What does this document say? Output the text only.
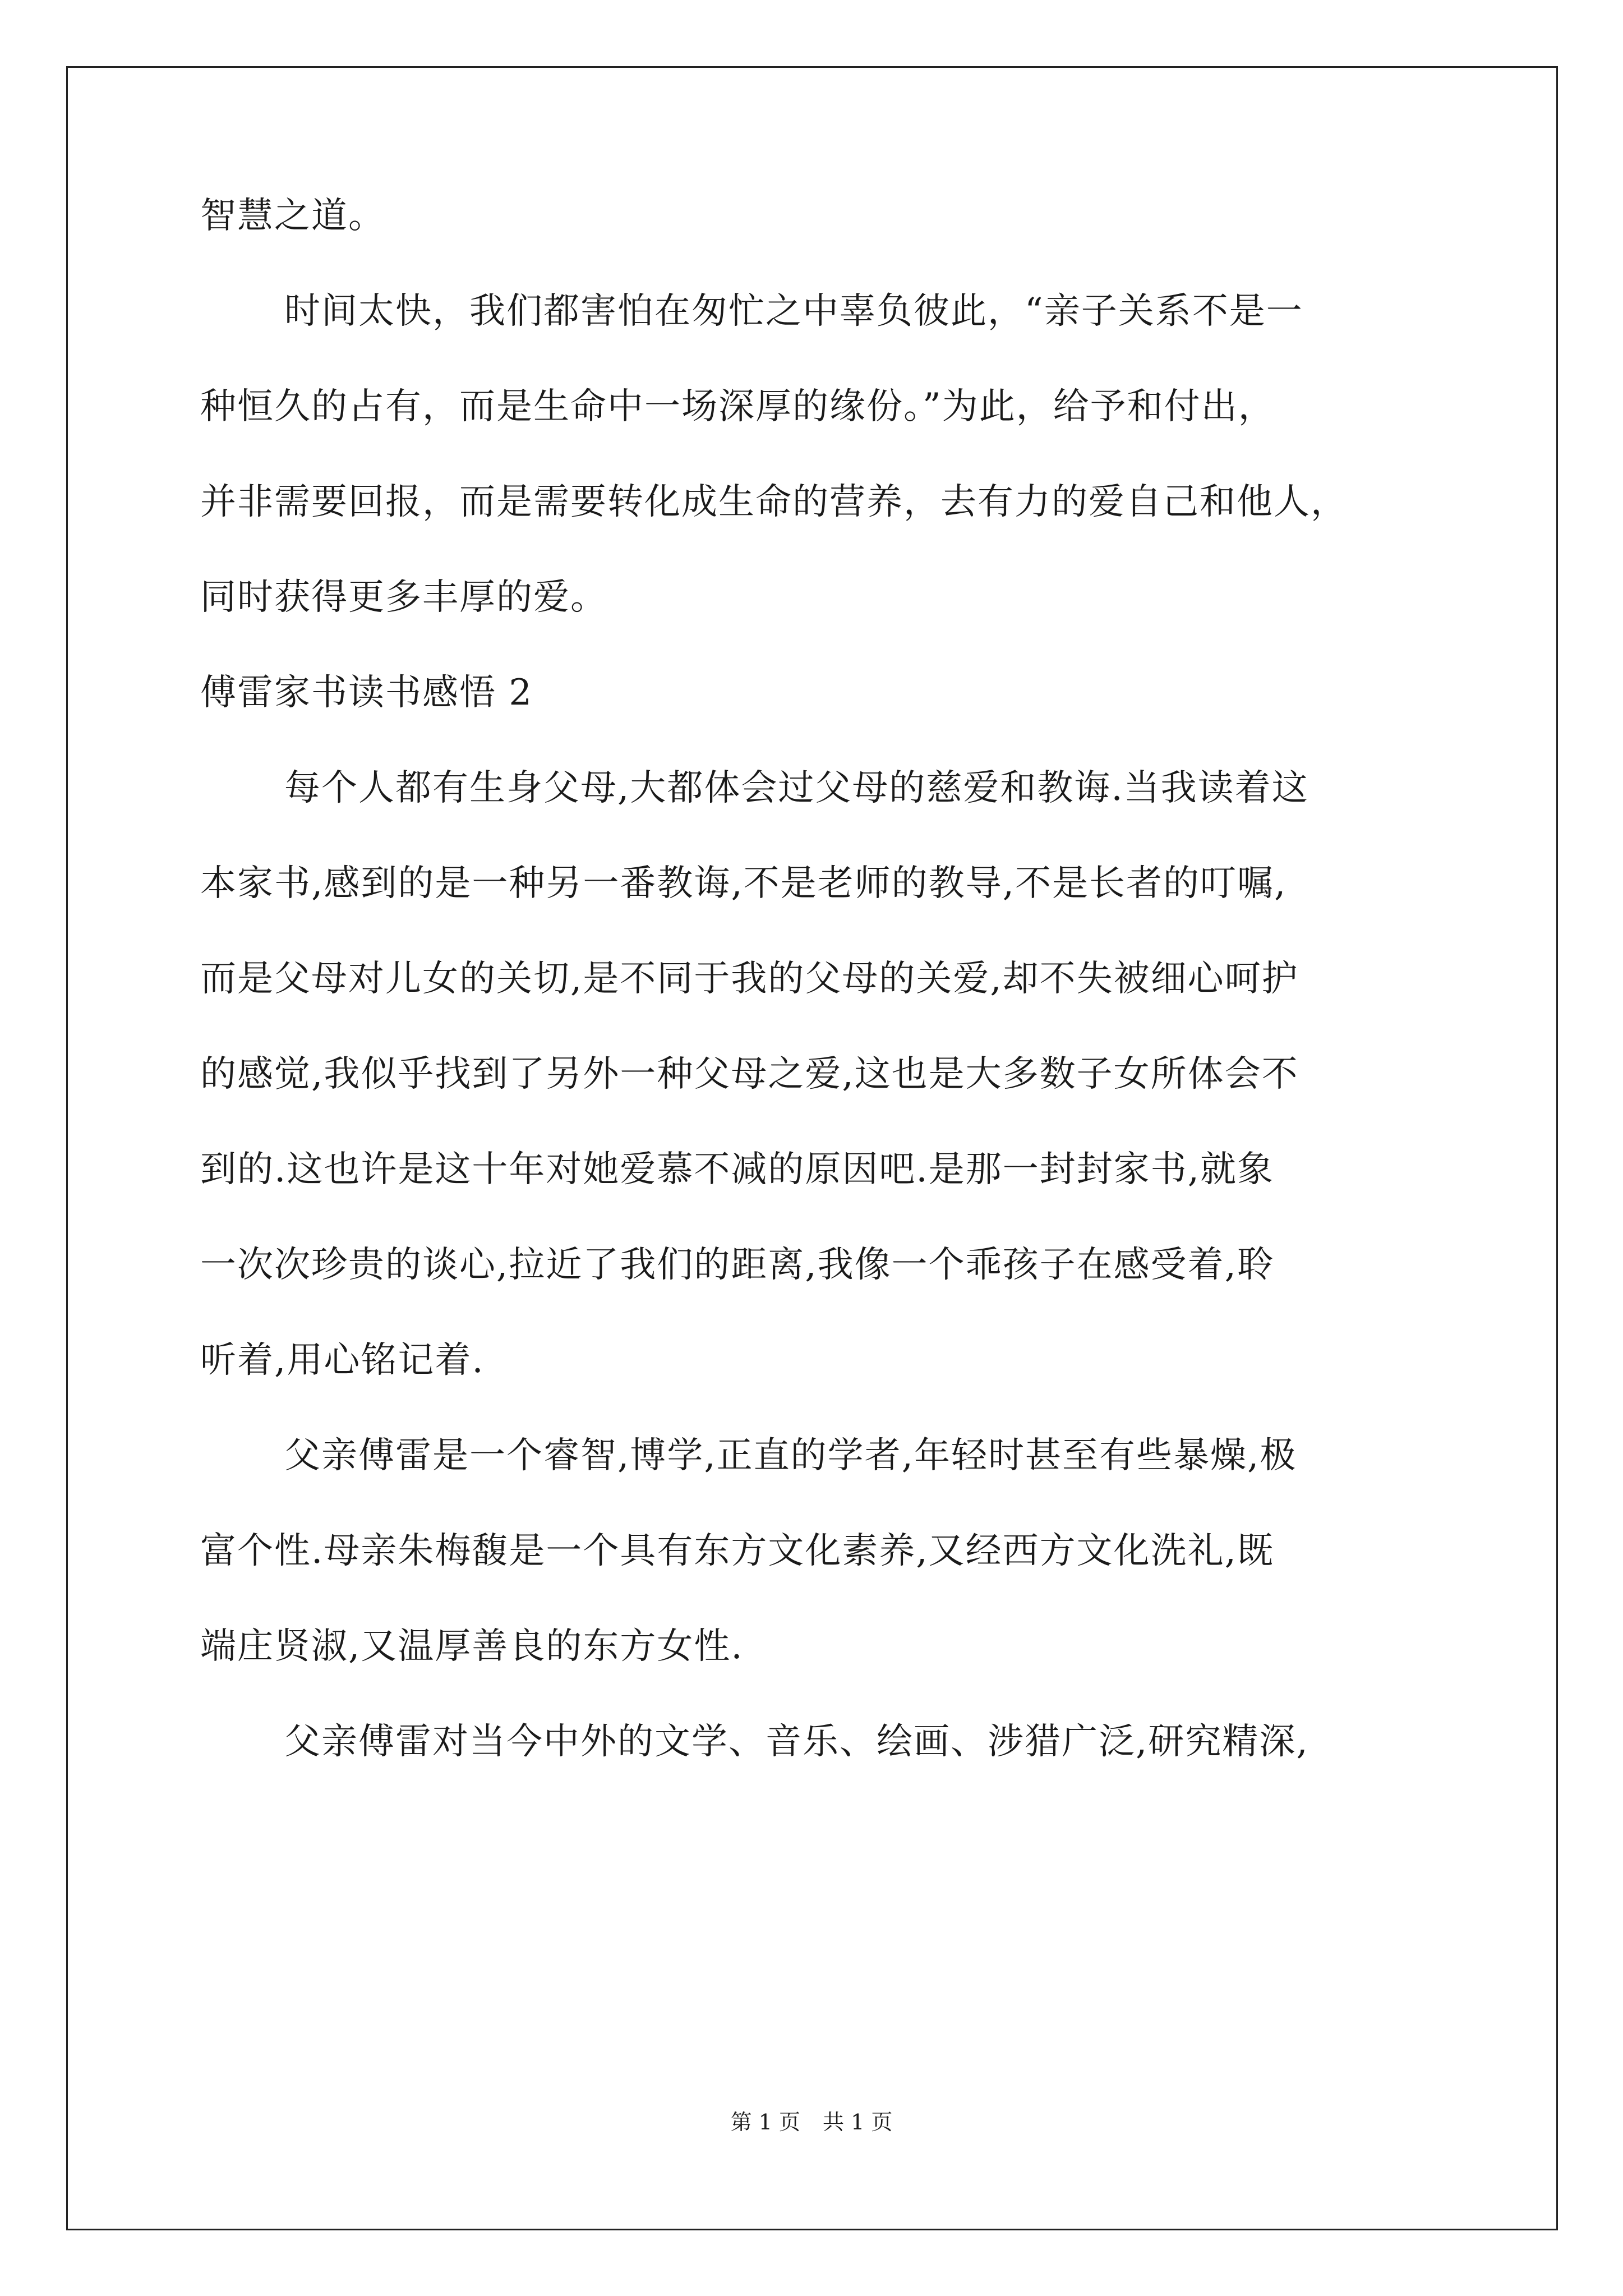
智慧之道。
时间太快，我们都害怕在匆忙之中辜负彼此，“亲子关系不是一
种恒久的占有，而是生命中一场深厚的缘份。”为此，给予和付出，
并非需要回报，而是需要转化成生命的营养，去有力的爱自己和他人，
同时获得更多丰厚的爱。
傅雷家书读书感悟 2
每个人都有生身父母,大都体会过父母的慈爱和教诲.当我读着这
本家书,感到的是一种另一番教诲,不是老师的教导,不是长者的叮嘱,
而是父母对儿女的关切,是不同于我的父母的关爱,却不失被细心呵护
的感觉,我似乎找到了另外一种父母之爱,这也是大多数子女所体会不
到的.这也许是这十年对她爱慕不减的原因吧.是那一封封家书,就象
一次次珍贵的谈心,拉近了我们的距离,我像一个乖孩子在感受着,聆
听着,用心铭记着.
父亲傅雷是一个睿智,博学,正直的学者,年轻时甚至有些暴燥,极
富个性.母亲朱梅馥是一个具有东方文化素养,又经西方文化洗礼,既
端庄贤淑,又温厚善良的东方女性.
父亲傅雷对当今中外的文学、音乐、绘画、涉猎广泛,研究精深,
第 1 页 共 1 页
